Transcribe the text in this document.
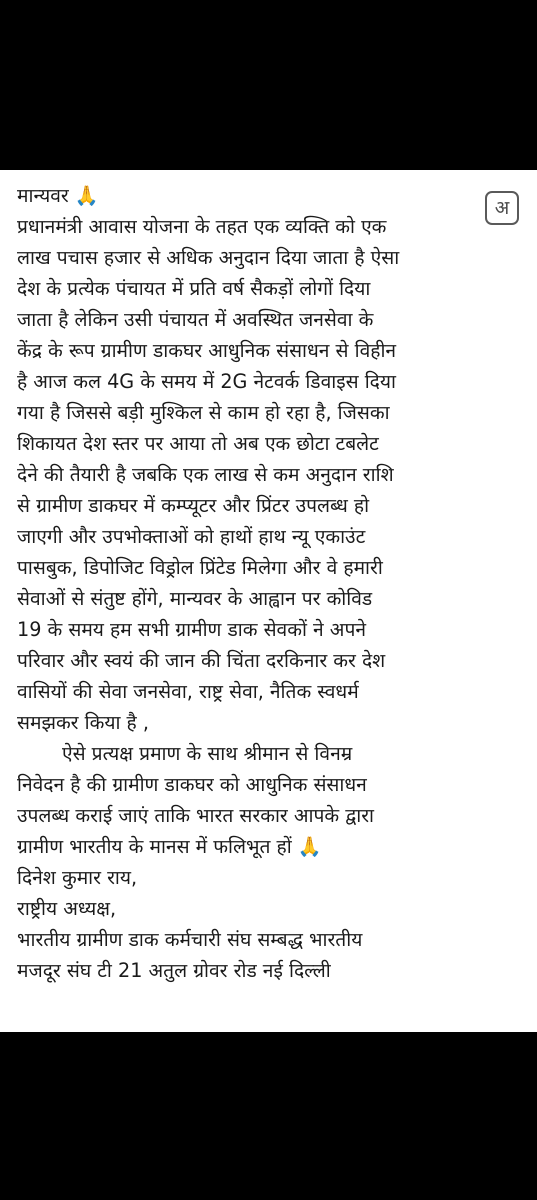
अ
मान्यवर 🙏
प्रधानमंत्री आवास योजना के तहत एक व्यक्ति को एक
लाख पचास हजार से अधिक अनुदान दिया जाता है ऐसा
देश के प्रत्येक पंचायत में प्रति वर्ष सैकड़ों लोगों दिया
जाता है लेकिन उसी पंचायत में अवस्थित जनसेवा के
केंद्र के रूप ग्रामीण डाकघर आधुनिक संसाधन से विहीन
है आज कल 4G के समय में 2G नेटवर्क डिवाइस दिया
गया है जिससे बड़ी मुश्किल से काम हो रहा है, जिसका
शिकायत देश स्तर पर आया तो अब एक छोटा टबलेट
देने की तैयारी है जबकि एक लाख से कम अनुदान राशि
से ग्रामीण डाकघर में कम्प्यूटर और प्रिंटर उपलब्ध हो
जाएगी और उपभोक्ताओं को हाथों हाथ न्यू एकाउंट
पासबुक, डिपोजिट विड्रोल प्रिंटेड मिलेगा और वे हमारी
सेवाओं से संतुष्ट होंगे, मान्यवर के आह्वान पर कोविड
19 के समय हम सभी ग्रामीण डाक सेवकों ने अपने
परिवार और स्वयं की जान की चिंता दरकिनार कर देश
वासियों की सेवा जनसेवा, राष्ट्र सेवा, नैतिक स्वधर्म
समझकर किया है ,
ऐसे प्रत्यक्ष प्रमाण के साथ श्रीमान से विनम्र
निवेदन है की ग्रामीण डाकघर को आधुनिक संसाधन
उपलब्ध कराई जाएं ताकि भारत सरकार आपके द्वारा
ग्रामीण भारतीय के मानस में फलिभूत हों 🙏
दिनेश कुमार राय,
राष्ट्रीय अध्यक्ष,
भारतीय ग्रामीण डाक कर्मचारी संघ सम्बद्ध भारतीय
मजदूर संघ टी 21 अतुल ग्रोवर रोड नई दिल्ली
